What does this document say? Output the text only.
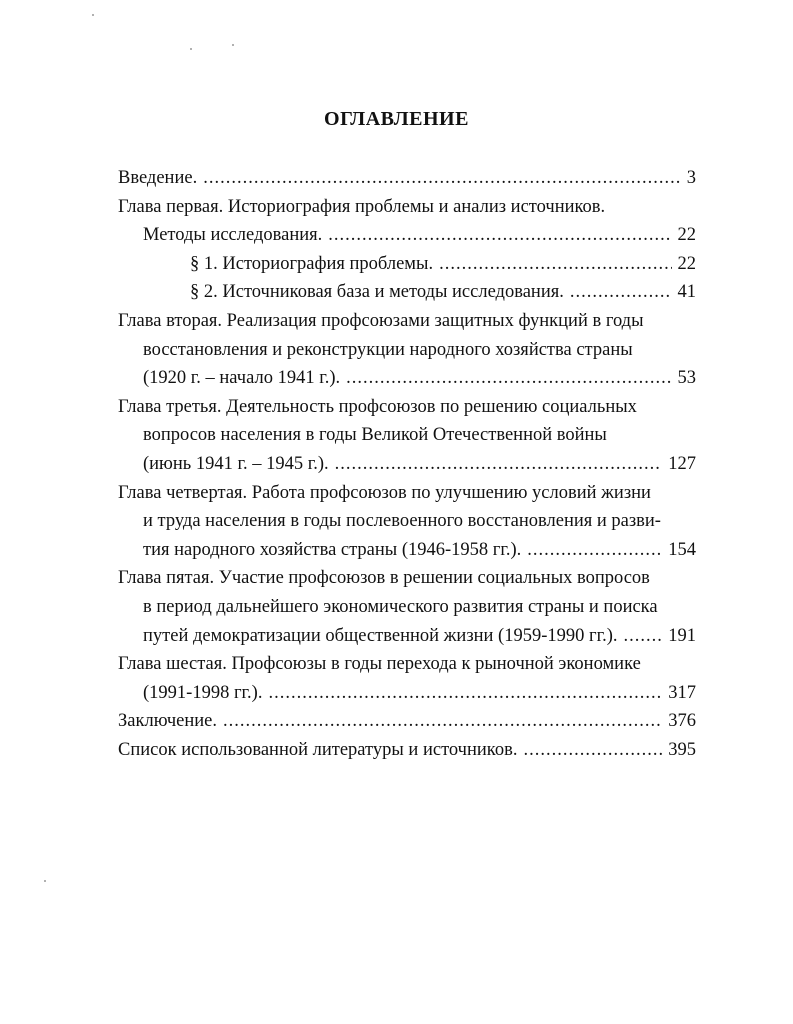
ОГЛАВЛЕНИЕ
Введение. .....	3
Глава первая. Историография проблемы и анализ источников.
Методы исследования. .....	22
§ 1. Историография проблемы. .....	22
§ 2. Источниковая база и методы исследования. .....	41
Глава вторая. Реализация профсоюзами защитных функций в годы
восстановления и реконструкции народного хозяйства страны
(1920 г. – начало 1941 г.). .....	53
Глава третья. Деятельность профсоюзов по решению социальных
вопросов населения в годы Великой Отечественной войны
(июнь 1941 г. – 1945 г.). .....	127
Глава четвертая. Работа профсоюзов по улучшению условий жизни
и труда населения в годы послевоенного восстановления и разви-
тия народного хозяйства страны (1946-1958 гг.). .....	154
Глава пятая. Участие профсоюзов в решении социальных вопросов
в период дальнейшего экономического развития страны и поиска
путей демократизации общественной жизни (1959-1990 гг.). .....	191
Глава шестая. Профсоюзы в годы перехода к рыночной экономике
(1991-1998 гг.). .....	317
Заключение. .....	376
Список использованной литературы и источников. .....	395
